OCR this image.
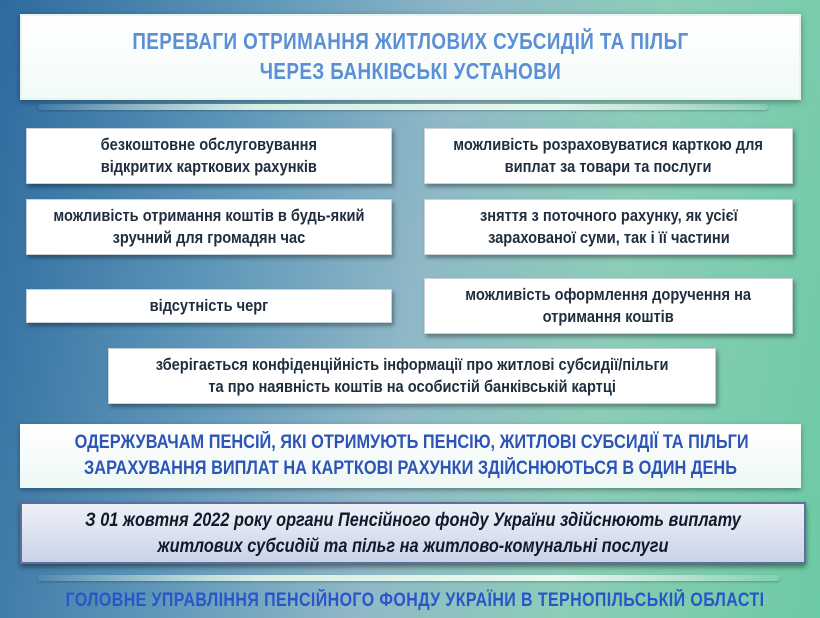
ПЕРЕВАГИ ОТРИМАННЯ ЖИТЛОВИХ СУБСИДІЙ ТА ПІЛЬГ
ЧЕРЕЗ БАНКІВСЬКІ УСТАНОВИ
безкоштовне обслуговування
відкритих карткових рахунків
можливість розраховуватися карткою для
виплат за товари та послуги
можливість отримання коштів в будь-який
зручний для громадян час
зняття з поточного рахунку, як усієї
зарахованої суми, так і її частини
відсутність черг
можливість оформлення доручення на
отримання коштів
зберігається конфіденційність інформації про житлові субсидії/пільги
та про наявність коштів на особистій банківській картці
ОДЕРЖУВАЧАМ ПЕНСІЙ, ЯКІ ОТРИМУЮТЬ ПЕНСІЮ, ЖИТЛОВІ СУБСИДІЇ ТА ПІЛЬГИ
ЗАРАХУВАННЯ ВИПЛАТ НА КАРТКОВІ РАХУНКИ ЗДІЙСНЮЮТЬСЯ В ОДИН ДЕНЬ
З 01 жовтня 2022 року органи Пенсійного фонду України здійснюють виплату
житлових субсидій та пільг на житлово-комунальні послуги
ГОЛОВНЕ УПРАВЛІННЯ ПЕНСІЙНОГО ФОНДУ УКРАЇНИ В ТЕРНОПІЛЬСЬКІЙ ОБЛАСТІ
